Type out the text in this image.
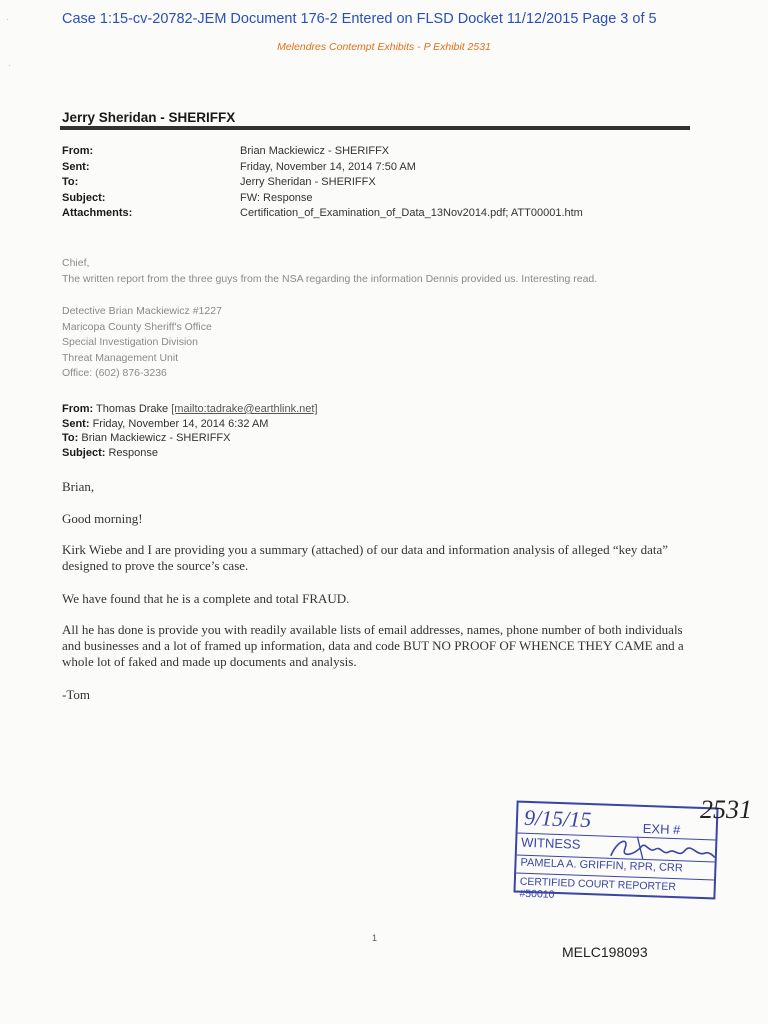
Case 1:15-cv-20782-JEM Document 176-2 Entered on FLSD Docket 11/12/2015 Page 3 of 5
Melendres Contempt Exhibits - P Exhibit 2531
Jerry Sheridan - SHERIFFX
From:	Brian Mackiewicz - SHERIFFX
Sent:	Friday, November 14, 2014 7:50 AM
To:	Jerry Sheridan - SHERIFFX
Subject:	FW: Response
Attachments:	Certification_of_Examination_of_Data_13Nov2014.pdf; ATT00001.htm
Chief,
The written report from the three guys from the NSA regarding the information Dennis provided us. Interesting read.
Detective Brian Mackiewicz #1227
Maricopa County Sheriff's Office
Special Investigation Division
Threat Management Unit
Office: (602) 876-3236
From: Thomas Drake [mailto:tadrake@earthlink.net]
Sent: Friday, November 14, 2014 6:32 AM
To: Brian Mackiewicz - SHERIFFX
Subject: Response
Brian,
Good morning!
Kirk Wiebe and I are providing you a summary (attached) of our data and information analysis of alleged “key data” designed to prove the source’s case.
We have found that he is a complete and total FRAUD.
All he has done is provide you with readily available lists of email addresses, names, phone number of both individuals and businesses and a lot of framed up information, data and code BUT NO PROOF OF WHENCE THEY CAME and a whole lot of faked and made up documents and analysis.
-Tom
9/15/15	EXH #
WITNESS
PAMELA A. GRIFFIN, RPR, CRR
CERTIFIED COURT REPORTER #50010
2531
1
MELC198093
·
·
